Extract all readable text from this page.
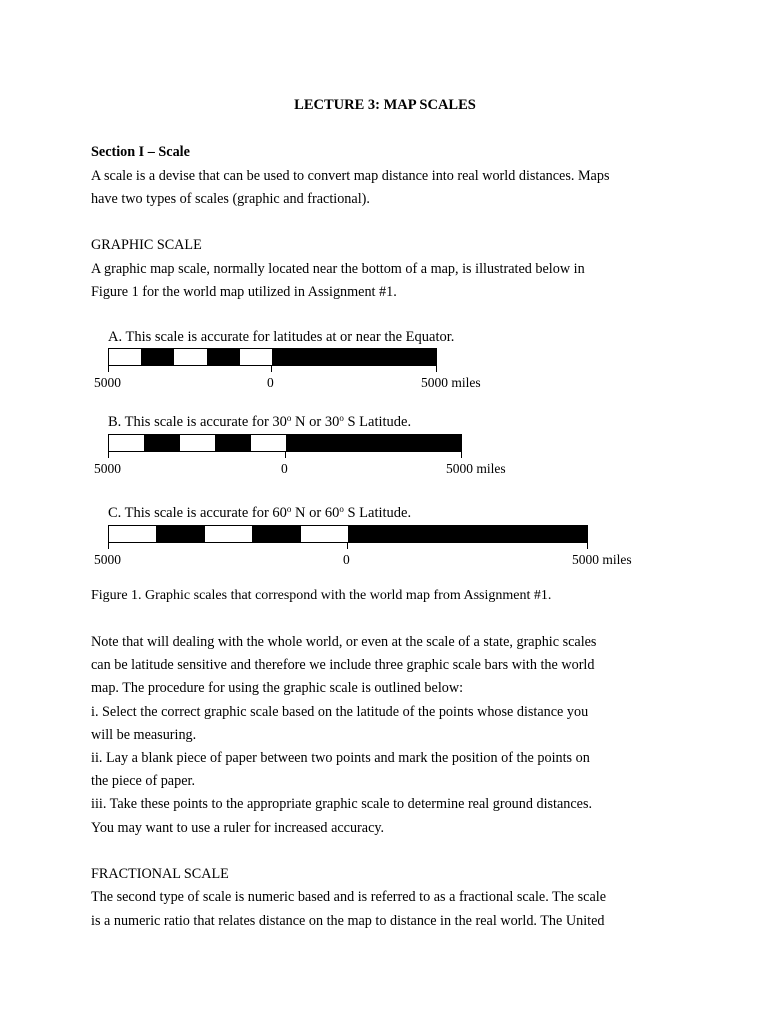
LECTURE 3: MAP SCALES
Section I – Scale
A scale is a devise that can be used to convert map distance into real world distances. Maps
have two types of scales (graphic and fractional).
GRAPHIC SCALE
A graphic map scale, normally located near the bottom of a map, is illustrated below in
Figure 1 for the world map utilized in Assignment #1.
A. This scale is accurate for latitudes at or near the Equator.
5000	0	5000 miles
B. This scale is accurate for 30$^o$ N or 30$^o$ S Latitude.
5000	0	5000 miles
C. This scale is accurate for 60$^o$ N or 60$^o$ S Latitude.
5000	0	5000 miles
Figure 1. Graphic scales that correspond with the world map from Assignment #1.
Note that will dealing with the whole world, or even at the scale of a state, graphic scales
can be latitude sensitive and therefore we include three graphic scale bars with the world
map. The procedure for using the graphic scale is outlined below:
i. Select the correct graphic scale based on the latitude of the points whose distance you
will be measuring.
ii. Lay a blank piece of paper between two points and mark the position of the points on
the piece of paper.
iii. Take these points to the appropriate graphic scale to determine real ground distances.
You may want to use a ruler for increased accuracy.
FRACTIONAL SCALE
The second type of scale is numeric based and is referred to as a fractional scale. The scale
is a numeric ratio that relates distance on the map to distance in the real world. The United
